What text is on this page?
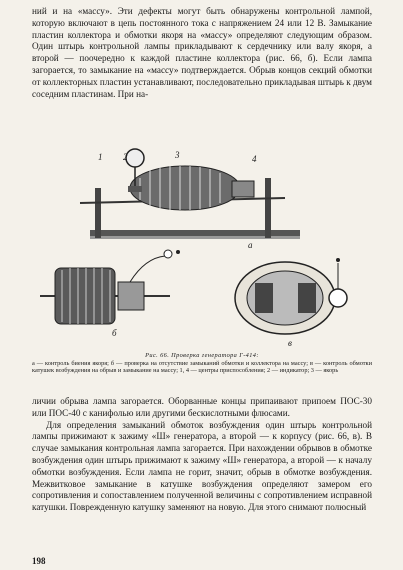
ний и на «массу». Эти дефекты могут быть обнаружены контрольной лампой, которую включают в цепь постоянного тока с напряжением 24 или 12 В. Замыкание пластин коллектора и обмотки якоря на «массу» определяют следующим образом. Один штырь контрольной лампы прикладывают к сердечнику или валу якоря, а второй — поочередно к каждой пластине коллектора (рис. 66, б). Если лампа загорается, то замыкание на «массу» подтверждается. Обрыв концов секций обмотки от коллекторных пластин устанавливают, последовательно прикладывая штырь к двум соседним пластинам. При на-

1 2	3	4
а
б
в
Рис. 66. Проверка генератора Г-414:
а — контроль биения якоря; б — проверка на отсутствие замыканий обмотки и коллектора на массу; в — контроль обмотки катушек возбуждения на обрыв и замыкание на массу; 1, 4 — центры приспособления; 2 — индикатор; 3 — якорь

личии обрыва лампа загорается. Оборванные концы припаивают припоем ПОС-30 или ПОС-40 с канифолью или другими бескислотными флюсами.

Для определения замыканий обмоток возбуждения один штырь контрольной лампы прижимают к зажиму «Ш» генератора, а второй — к корпусу (рис. 66, в). В случае замыкания контрольная лампа загорается. При нахождении обрывов в обмотке возбуждения один штырь прижимают к зажиму «Ш» генератора, а второй — к началу обмотки возбуждения. Если лампа не горит, значит, обрыв в обмотке возбуждения. Межвитковое замыкание в катушке возбуждения определяют замером его сопротивления и сопоставлением полученной величины с сопротивлением исправной катушки. Поврежденную катушку заменяют на новую. Для этого снимают полюсный

198
